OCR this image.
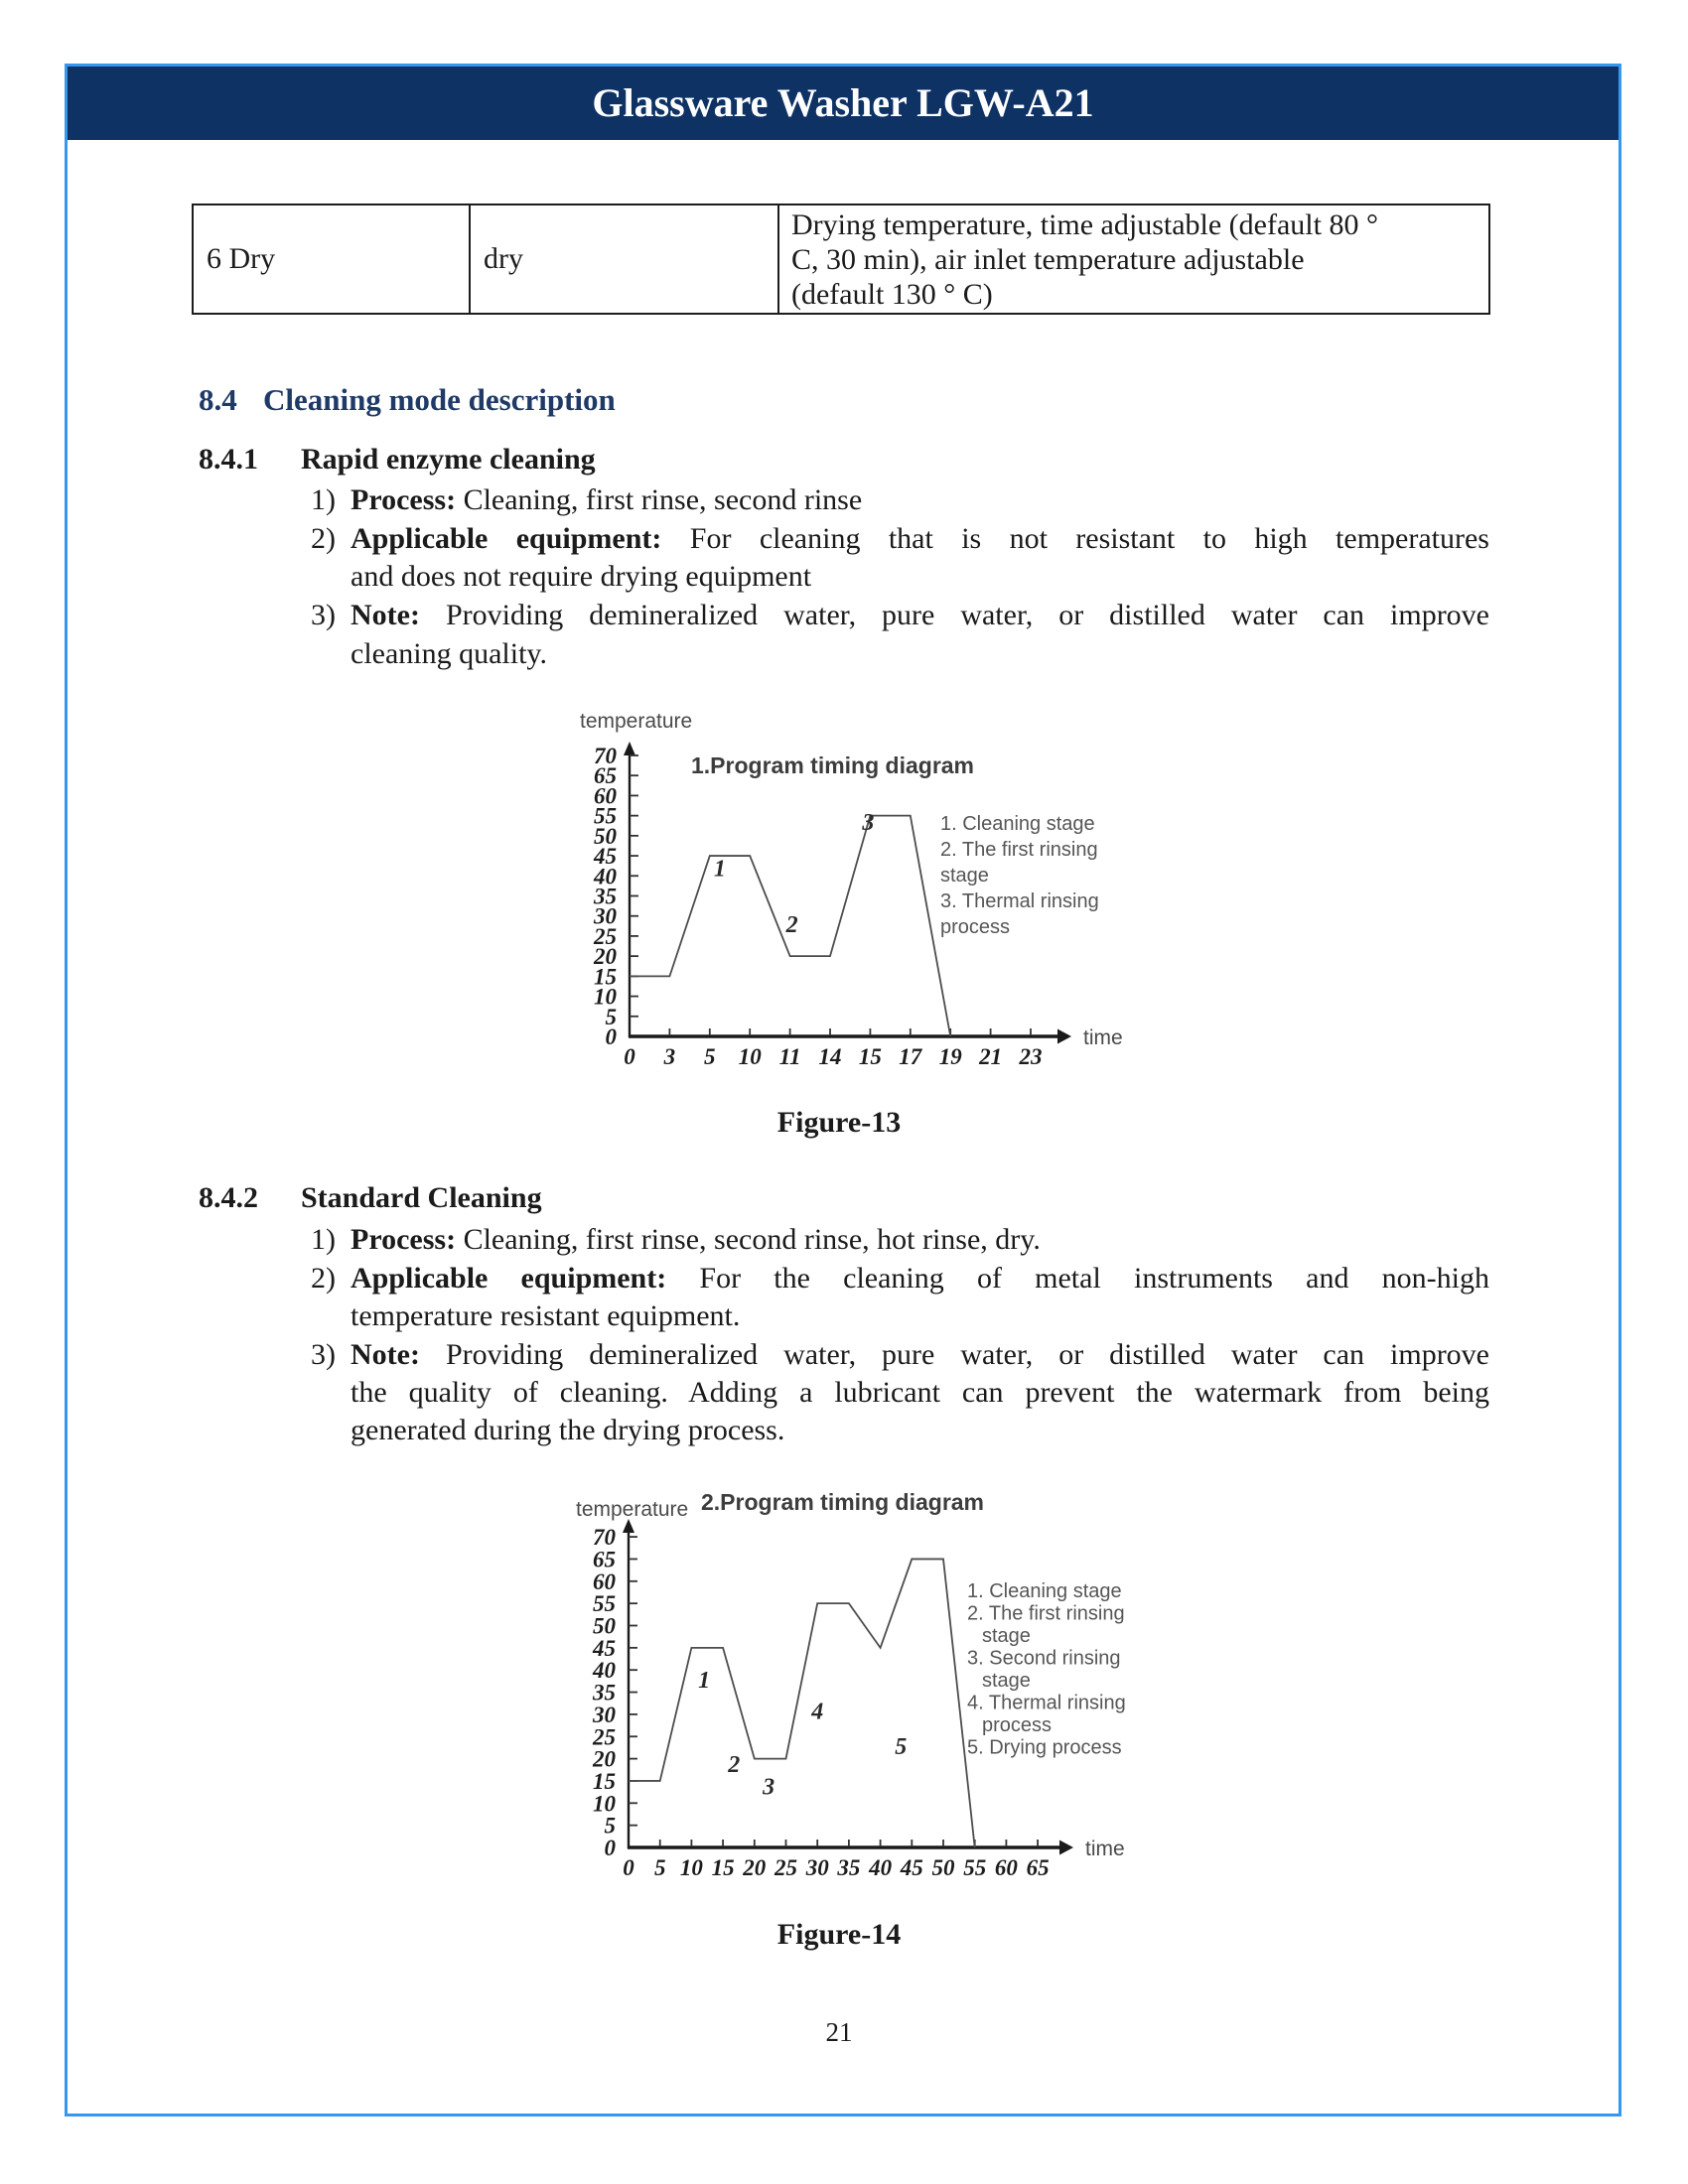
Glassware Washer LGW-A21
6 Dry	dry
Drying temperature, time adjustable (default 80 °
C, 30 min), air inlet temperature adjustable
(default 130 ° C)
8.4 Cleaning mode description
8.4.1	Rapid enzyme cleaning
1) Process: Cleaning, first rinse, second rinse
2) Applicable equipment: For cleaning that is not resistant to high temperatures
and does not require drying equipment
3) Note: Providing demineralized water, pure water, or distilled water can improve
cleaning quality.
0
5
10
15
20
25
30
35
40
45
50
55
60
65
70
0 3 5 10 11 14 15 17 19 21 23
1
2
3
1.Program timing diagram
temperature
time
1. Cleaning stage
2. The first rinsing
stage
3. Thermal rinsing
process
Figure-13
8.4.2	Standard Cleaning
1) Process: Cleaning, first rinse, second rinse, hot rinse, dry.
2) Applicable equipment: For the cleaning of metal instruments and non-high
temperature resistant equipment.
3) Note: Providing demineralized water, pure water, or distilled water can improve
the quality of cleaning. Adding a lubricant can prevent the watermark from being
generated during the drying process.
0
5
10
15
20
25
30
35
40
45
50
55
60
65
70
0 5 10 15 20 25 30 35 40 45 50 55 60 65
1
2
3
4
5
2.Program timing diagram
temperature
time
1. Cleaning stage
2. The first rinsing
stage
3. Second rinsing
stage
4. Thermal rinsing
process
5. Drying process
Figure-14
21
